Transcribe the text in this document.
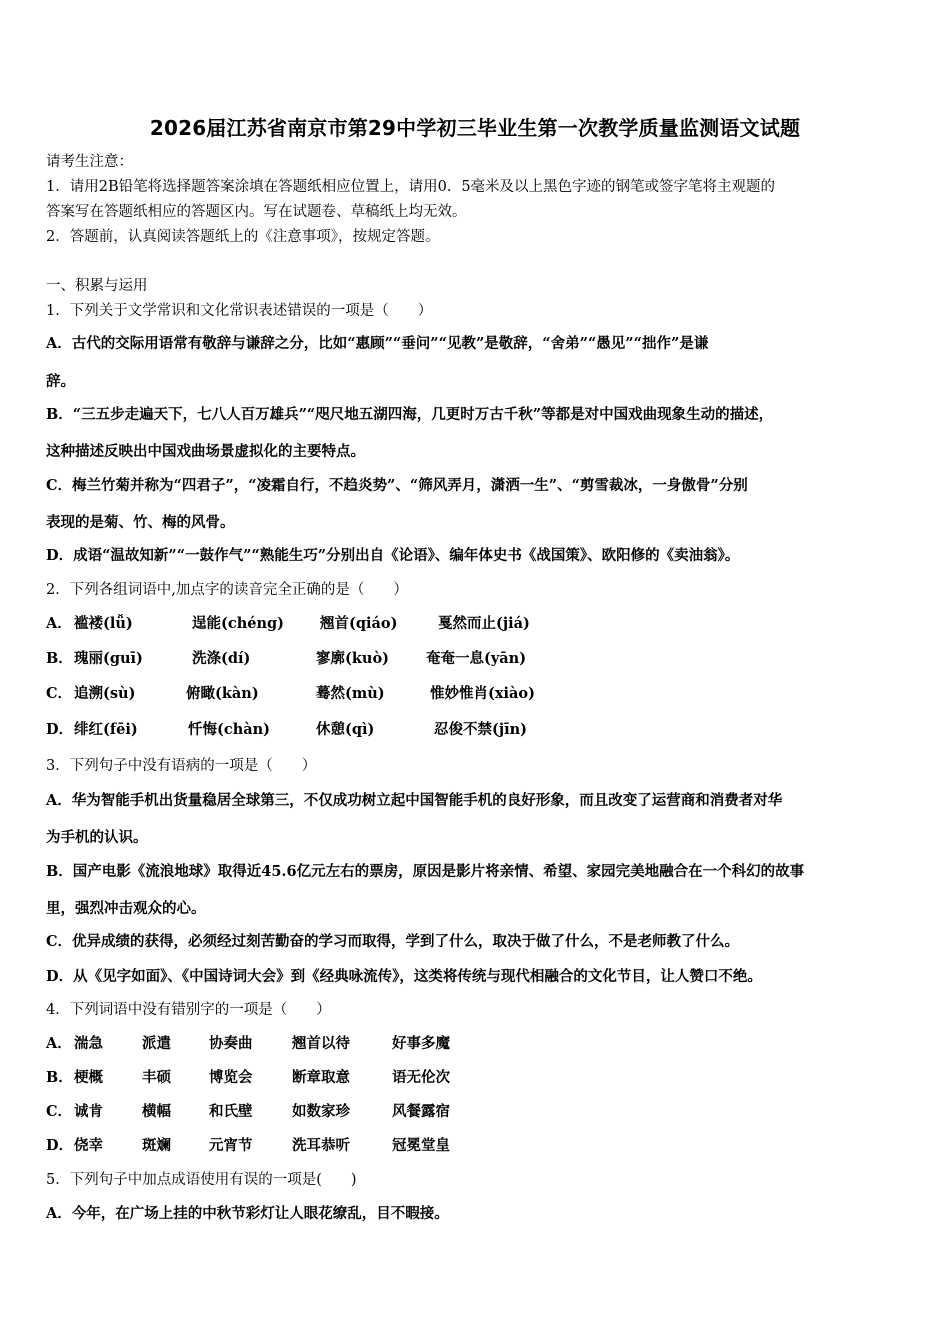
2026届江苏省南京市第29中学初三毕业生第一次教学质量监测语文试题
请考生注意：
1．请用2B铅笔将选择题答案涂填在答题纸相应位置上，请用0．5毫米及以上黑色字迹的钢笔或签字笔将主观题的
答案写在答题纸相应的答题区内。写在试题卷、草稿纸上均无效。
2．答题前，认真阅读答题纸上的《注意事项》，按规定答题。
一、积累与运用
1．下列关于文学常识和文化常识表述错误的一项是（　　）
A．古代的交际用语常有敬辞与谦辞之分，比如“惠顾”“垂问”“见教”是敬辞，“舍弟”“愚见”“拙作”是谦
辞。
B．“三五步走遍天下，七八人百万雄兵”“咫尺地五湖四海，几更时万古千秋”等都是对中国戏曲现象生动的描述，
这种描述反映出中国戏曲场景虚拟化的主要特点。
C．梅兰竹菊并称为“四君子”，“凌霜自行，不趋炎势”、“筛风弄月，潇洒一生”、“剪雪裁冰，一身傲骨”分别
表现的是菊、竹、梅的风骨。
D．成语“温故知新”“一鼓作气”“熟能生巧”分别出自《论语》、编年体史书《战国策》、欧阳修的《卖油翁》。
2．下列各组词语中,加点字的读音完全正确的是（　　）
A． 褴褛(lǚ)	逞能(chéng) 翘首(qiáo)	戛然而止(jiá)
B． 瑰丽(guī)	洗涤(dí)	寥廓(kuò)	奄奄一息(yān)
C． 追溯(sù)	俯瞰(kàn)	蓦然(mù)	惟妙惟肖(xiào)
D． 绯红(fēi)	忏悔(chàn)	休憩(qì)	忍俊不禁(jīn)
3．下列句子中没有语病的一项是（　　）
A．华为智能手机出货量稳居全球第三，不仅成功树立起中国智能手机的良好形象，而且改变了运营商和消费者对华
为手机的认识。
B．国产电影《流浪地球》取得近45.6亿元左右的票房，原因是影片将亲情、希望、家园完美地融合在一个科幻的故事
里，强烈冲击观众的心。
C．优异成绩的获得，必须经过刻苦勤奋的学习而取得，学到了什么，取决于做了什么，不是老师教了什么。
D．从《见字如面》、《中国诗词大会》到《经典咏流传》，这类将传统与现代相融合的文化节目，让人赞口不绝。
4．下列词语中没有错别字的一项是（　　）
A． 湍急	派遣	协奏曲	翘首以待	好事多魔
B． 梗概	丰硕	博览会	断章取意	语无伦次
C． 诚肯	横幅	和氏壁	如数家珍	风餐露宿
D． 侥幸	斑斓	元宵节	洗耳恭听	冠冕堂皇
5．下列句子中加点成语使用有误的一项是(　　)
A．今年，在广场上挂的中秋节彩灯让人眼花缭乱，目不暇接。
